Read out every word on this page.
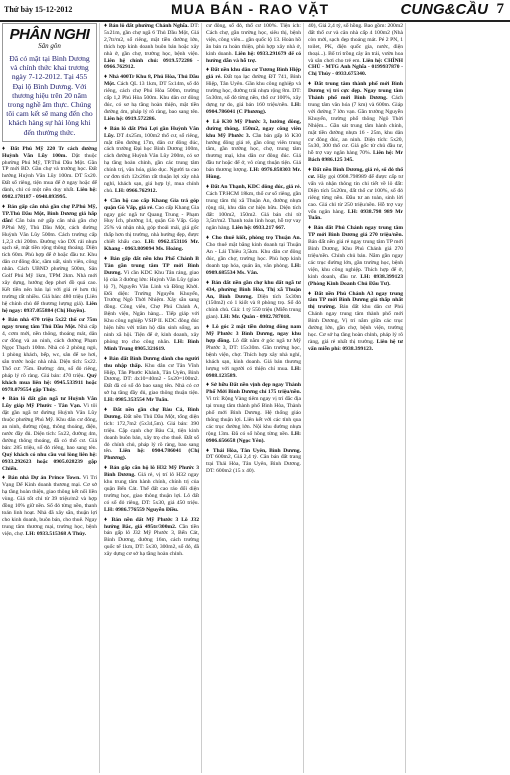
Thứ bảy 15-12-2012	MUA BÁN - RAO VẶT	CUNG&CẦU 7
PHÂN NGHI
Sân gôn
Đã có mặt tại Bình Dương và chính thức khai trương ngày 7-12-2012. Tại 455 Đại lộ Bình Dương. Với thương hiệu trên 20 năm trong nghề âm thực. Chúng tôi cam kết sẽ mang đến cho khách hàng sự hài lòng khi đến thưởng thức.

♦ Đất Phú Mỹ 220 Tr cách đường Huỳnh Văn Lũy 100m. Dật thuộc phường Phú Mỹ, TP.Thủ Dầu Một. Gần TP mới BD. Gần chợ và trường học. Đất hướng Huỳnh Văn Lũy 100m. DT 5x20. Đất sổ riêng, tiện mua để ở ngay hoặc để dành, chỉ có một nền duy nhất. Liên hệ: 0982.178187 - 0948.093995.

♦ Bán gấp căn nhà gần chợ P.Phú Mỹ, TP.Thủ Dầu Một, Bình Dương giá hấp dẫn! Căn bán nở gấp căn nhà gần chợ P.Phú Mỹ, Thủ Dầu Một, cách đường Huỳnh Văn Lũy 500m. Cách trường cấp 1,2,3 chỉ 200m. Đường vào DX rải nhựa sạch sẽ, mặt tiền rộng thông thoáng. Diện tích 60m. Phù hợp để ở hoặc đầu tư. Khu dân cư đông đúc, sầm uất, sinh viên, công nhân. Cách UBND phường 500m, Sân Golf Phú Mỹ 1km, TPM 2km. Nhà mới xây dựng, hướng đẹp phơi đồ quá cao. Kết tiền nên bán lại với giá rẻ hơn thị trường rất nhiều. Giá bán: 480 triệu (Liên hệ chính chủ để thương lượng giá). Liên hệ ngay: 0937.055884 (Chị Huyền).

♦ Bán nhà 470 triệu 5x22 thổ cư 75m ngay trung tâm Thủ Dầu Một. Nhà cấp 4, cơm mới, nền thông, thoáng mát, dân cư đông và an ninh, cách đường Phạm Ngọc Thạch 100m. Nhà có 2 phòng ngủ, 1 phòng khách, bếp, wc, sân để xe hơi, sân trước hoặc nhà nhà. Diện tích: 5x22. Thổ cư: 75m. Đường: 4m, số đỏ riêng, pháp lý rõ ràng. Giá bán: 470 triệu. Quý khách mua liên hệ: 0945.533911 hoặc 0978.079554 gặp Thủy.

♦ Bán lô đất gần ngã tư Huỳnh Văn Lũy giáp Mỹ Phước - Tân Vạn. Vì tôi đặt gần ngã tư đường Huỳnh Văn Lũy thuộc phường Phú Mỹ. Khu dân cư đông, an ninh, đường rộng, thông thoáng, điện, nước đầy đủ. Diện tích: 5x22, đường 4m, đường thông thoáng, đã có thổ cư. Giá bán: 285 triệu, sổ đỏ riêng, bao sang tên. Quý khách có nhu cầu vui lòng liên hệ: 0933.292623 hoặc 0905.028239 gặp Chiến.

♦ Bán nhà Dự án Prince Town. Vì Tri Vạng Dể Kinh doanh thương mại. Cơ sở hạ tầng hoàn thiện, giao thông kết nối liền vùng. Giá tốt chỉ từ 39 triệu/m2 và hợp đồng 10% giữ nền. Sổ đỏ từng nền, thanh toán linh hoạt. Nhà đã xây sẵn, thuận lợi cho kinh doanh, buôn bán, cho thuê. Ngay trung tâm thương mại, trường học, bệnh viện, chợ. LH: 0933.515368 A Thủy.

♦ Bán lô đất phường Chánh Nghĩa. DT: 5x21m, gần chợ ngã 6 Thủ Dầu Một, Giá 2,7tr/m2, sổ riêng, mặt tiền đường lớn, thích hợp kinh doanh buôn bán hoặc xây nhà ở, gần chợ, trường học, bệnh viện. Liên hệ chính chủ: 0919.572286 - 0966.762912.

♦ Nhà 400Tr Khu 8, Phú Hòa, Thủ Dầu Một. Cách QL 13 1km, DT 5x14m, sổ đỏ riêng, cách chợ Phú Hòa 500m, trường cấp 1,2 Phú Hòa 500m. Khu dân cư đông đúc, có sơ hạ tầng hoàn thiện, mặt tiền đường 4m, pháp lý rõ ràng, bao sang tên. Liên hệ: 0919.572286.

♦ Bán lô đất Phú Lợi gần Huỳnh Văn Lũy. DT 4x25m, 100m2 thổ cư, sổ riêng, mặt tiền đường 17m, dân cư đông đúc, cách trường Đại học Bình Dương 100m, cách đường Huỳnh Văn Lũy 200m, có sơ hạ tầng hoàn chỉnh, gần các trung tâm chính trị, văn hóa, giáo dục. Người ta cao cư đơn tích 12x26m rất thuận lợi xây nhà nghỉ, khách sạn, giá hợp lý, mua chính chủ. LH: 0966.762912.

♦ Cần hộ cao cấp Khang Gia trả góp quận Gò Vấp, giá rẻ. Cao cấp Khang Gia ngay góc ngã tư Quang Trung - Phạm Huy Ích, phường 14, quận Gò Vấp. Góp 25% và nhận nhà, góp thoải mái, giá gốc thấp hơn thị trường, nhà hướng đẹp, được chiết khấu cao. LH: 0962.153116 Mr. Khang - 0963.809094 Ms. Hoàng.

♦ Bán gấp đất nền khu Phố Chánh B Tân gần trung tâm TP mới Bình Dương. Vì cần KDC Khu Tân ráng, giao lộ của 3 đường lớn: Huỳnh Văn Lũy (giao lộ 7), Nguyễn Văn Linh và Đồng Khởi. Đối diện: Trường Nguyễn Khuyến, Trường Ngô Thời Nhiệm. Xây sẵn sang đồng. Công viên, Chợ Phú Chánh A, Bệnh viện, Ngân hàng... Tiếp giáp với Khu công nghiệp VSIP II. KDC đông đúc hiện hữu với trăm hộ dân sinh sống, an ninh xã hội. Tiện để ở, kinh doanh, xây phòng trọ cho công nhân. LH: Bình Minh Trung 0905.321619.

♦ Bán đất Bình Dương dành cho người thu nhập thấp. Khu dân cư Tân Vĩnh Hiệp, Tân Phước Khánh, Tân Uyên, Bình Dương. DT: 4x10=40m2 - 5x20=100m2. Đất đã có sổ đỏ bao sang tên. Nhà có cơ sở hạ tầng đầy đủ, giao thông thuận tiện. LH: 0985.353554 Mr Tuấn.

♦ Đất nền gần chợ Bàu Cả, Bình Dương. Đất nền Thủ Dầu Một, tổng diện tích: 172,7m2 (5x34,5m). Giá bán: 390 triệu. Cặp cạnh chợ Bàu Cả, tiện kinh doanh buôn bán, xây trọ cho thuê. Đất sổ đỏ chính chủ, pháp lý rõ ràng, bao sang tên. Liên hệ: 0904.786041 (Chị Phương).

♦ Bán gấp căn hộ lô H32 Mỹ Phước 3 Bình Dương. Giá rẻ, vị trí lô H32 ngay khu trung tâm hành chính, chính trị của quận Bến Cát. Thế đất cao ráo đối diện trường học, giao thông thuận lợi. Lô đất có sổ đỏ riêng, DT: 5x30, giá 450 triệu. LH: 0986.776559 Nguyễn Điều.

♦ Bán nền đất Mỹ Phước 3 Lô J32 hướng Bắc, giá 495tr/300m2. Cần tiền bán gấp lô J32 Mỹ Phước 3, Bến Cát, Bình Dương, đường 16m, cách trường quốc tế 1km, DT: 5x30, 300m2, sổ đỏ, đã xây dựng cơ sở hạ tầng hoàn chỉnh.

cư đông, sổ đỏ, thổ cư 100%. Tiện ích: Cách chợ, gần trường học, siêu thị, bệnh viện, công viên... gần quốc lộ 13. Hoàn hồ ăn bán ra hoàn thiện, phù hợp xây nhà ở, kinh doanh. Liên hệ: 0933.291679 để có hướng dẫn và hỗ trợ.

♦ Đất nền khu dân cư Tương Bình Hiệp giá rẻ. Đất tọa lạc đường ĐT 741, Bình Hiệp, Tân Uyên. Gần khu công nghiệp và trường học, đường trải nhựa rộng 8m. DT: 5x30m, sổ đỏ từng nền, thổ cư 100%, xây dựng tự do, giá bán 160 triệu/nền. LH: 0904.786041 (C Phương).

♦ Lô K30 Mỹ Phước 3, hướng đông, đường thông, 150m2, ngay công viên khu Mỹ Phước 3. Cần bán gấp lô K30 hướng đông giá rẻ, gần công viên trung tâm, gần trường học, chợ, trung tâm thương mại, khu dân cư đông đúc. Giá đầu tư hoặc để ở, vô cùng thuận tiện. Giá bán thương lượng. LH: 0976.858303 Mr. Hùng.

♦ Đất An Thạnh, KDC đông đúc, giá rẻ. Cách TP.HCM 18km, thổ cư sổ riêng, gần trung tâm thị xã Thuận An, đường nhựa rộng rãi, khu dân cư hiện hữu. Diện tích đất: 100m2, 150m2. Giá bán chỉ từ 3,5tr/m2. Thanh toán linh hoạt, hỗ trợ vay ngân hàng. Liên hệ: 0933.217 667.

♦ Cho thuê kiốt, phòng trọ Thuận An. Cho thuê mặt bằng kinh doanh tại Thuận An - Lái Thiêu 3,5km. Khu dân cư đông đúc, gần chợ, trường học. Phù hợp kinh doanh tạp hóa, quán ăn, văn phòng. LH: 0909.685534 Ms. Vân.

♦ Bán đất nền gần chợ khu đất ngã tư 434, phường Bình Hòa, Thị xã Thuận An, Bình Dương. Diện tích 5x30m (150m2) có 1 kiốt và 8 phòng trọ. Sổ đỏ chính chủ. Giá: 1 tỷ 550 triệu (Miễn trung gian). LH: Mr. Quân - 0982.787018.

♦ Lô góc 2 mặt tiền đường đông nam Mỹ Phước 3 Bình Dương, ngay khu hợp đồng. Lô đất nằm ở góc ngã tư Mỹ Phước 3, DT: 15x30m. Gần trường học, bệnh viện, chợ. Thích hợp xây nhà nghỉ, khách sạn, kinh doanh. Giá bán thương lượng với người có thiện chí mua. LH: 0988.123589.

♦ Sở hữu Đất nền vịnh đẹp ngay Thành Phố Mới Bình Dương chỉ 175 triệu/nền. Vì trí: Rộng Vàng tiêm ngay vị trí đắc địa tại trung tâm thành phố Bình Hòa, Thành phố mới Bình Dương. Hệ thống giáo thông thuận lợi. Liên kết với các tỉnh qua các trục đường lớn. Nội khu đường nhựa rộng 13m. Đã có sổ hồng từng nền. LH: 0906.656658 (Ngọc Yên).

♦ Thái Hòa, Tân Uyên, Bình Dương. DT 600m2, Giá 2,4 tỷ. Căn bán đất trang trại Thái Hòa, Tân Uyên, Bình Dương. DT: 600m2 (15 x 40).

40), Giá 2,4 tỷ, sổ hồng. Bao gồm: 200m2 đất thổ cư và căn nhà cấp 4 100m2 (Nhà còn mới, sạch đẹp thoáng mát. Pé 2 PN, 1 toilet, PK, điện quốc gia, nước, điện thoại...). Bố trí trồng cây ăn trái, vườn hoa và sân chơi cho trẻ em. Liên hệ: CHÍNH CHỦ - MTG Anh Nghĩa - 0199937870 - Chị Thúy - 0933.675340.

♦ Đất trung tâm thành phố mới Bình Dương vị trí cực đẹp. Ngay trung tâm Thành phố mới Bình Dương. Cách trung tâm văn hóa (7 km) và 600m. Giáp với đường 7 lớn vạn. Gần trường Nguyễn Khuyến, trường phổ thông Ngô Thời Nhiệm... Gần sát trung tâm hành chính, mặt tiền đường nhựa 16 - 25m, khu dân cư đông đúc, an ninh. Diện tích: 5x20, 5x30, 300 thổ cư. Giá gốc từ chủ đầu tư, hỗ trợ vay ngân hàng 70%. Liên hệ: Mr Bách 0986.125 345.

♦ Đất nền Bình Dương, giá rẻ, sổ đỏ thổ cư. Hãy gọi 0908.798989 để được cấp tư vấn và nhận thông tin chi tiết về lô đất: Diện tích 5x20m, đất thổ cư 100%, sổ đỏ riêng từng nền. Đầu tư an toàn, sinh lời cao. Giá chỉ từ 250 triệu/nền. Hỗ trợ vay vốn ngân hàng. LH: 0938.798 989 Mr Tuấn.

♦ Bán đất Phú Chánh ngay trung tâm TP mới Bình Dương giá 270 triệu/nền. Bán đất nền giá rẻ ngay trung tâm TP mới Bình Dương, Khu Phú Chánh giá 270 triệu/nền. Chính chủ bán. Nằm gần ngay các trục đường lớn, gần trường học, bệnh viện, khu công nghiệp. Thích hợp để ở, kinh doanh, đầu tư. LH: 0938.399123 (Phòng Kinh Doanh Chủ Đầu Tư).

♦ Đất nền Phú Chánh A3 ngay trung tâm TP mới Bình Dương giá thấp nhất thị trường. Bán đất khu dân cư Phú Chánh ngay trung tâm thành phố mới Bình Dương, Vị trí nằm giữa các trục đường lớn, gần chợ, bệnh viện, trường học. Cơ sở hạ tầng hoàn chỉnh, pháp lý rõ ràng, giá rẻ nhất thị trường. Liên hệ tư vấn miễn phí: 0938.399123.
